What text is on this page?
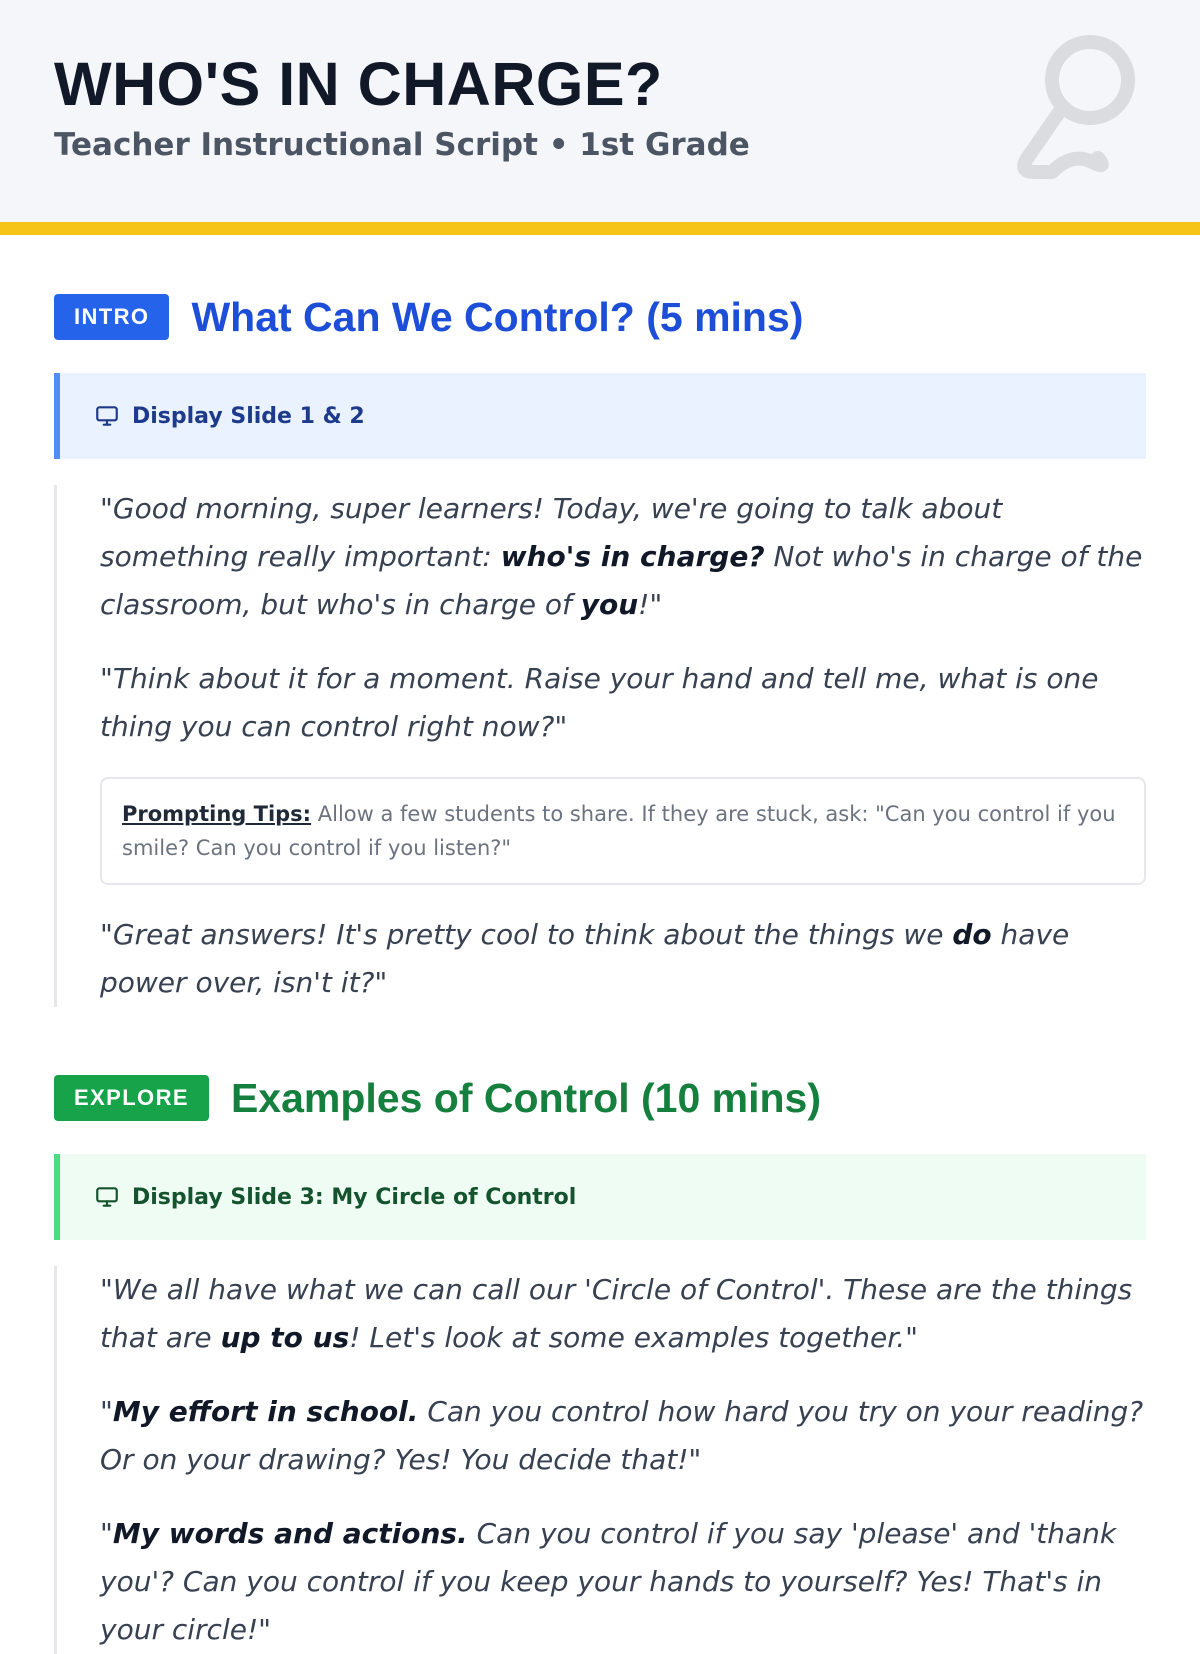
WHO'S IN CHARGE?
Teacher Instructional Script • 1st Grade
INTRO	What Can We Control? (5 mins)
Display Slide 1 & 2

"Good morning, super learners! Today, we're going to talk about something really important: who's in charge? Not who's in charge of the classroom, but who's in charge of you!"

"Think about it for a moment. Raise your hand and tell me, what is one thing you can control right now?"

Prompting Tips: Allow a few students to share. If they are stuck, ask: "Can you control if you smile? Can you control if you listen?"

"Great answers! It's pretty cool to think about the things we do have power over, isn't it?"

EXPLORE	Examples of Control (10 mins)
Display Slide 3: My Circle of Control

"We all have what we can call our 'Circle of Control'. These are the things that are up to us! Let's look at some examples together."

"My effort in school. Can you control how hard you try on your reading? Or on your drawing? Yes! You decide that!"

"My words and actions. Can you control if you say 'please' and 'thank you'? Can you control if you keep your hands to yourself? Yes! That's in your circle!"
